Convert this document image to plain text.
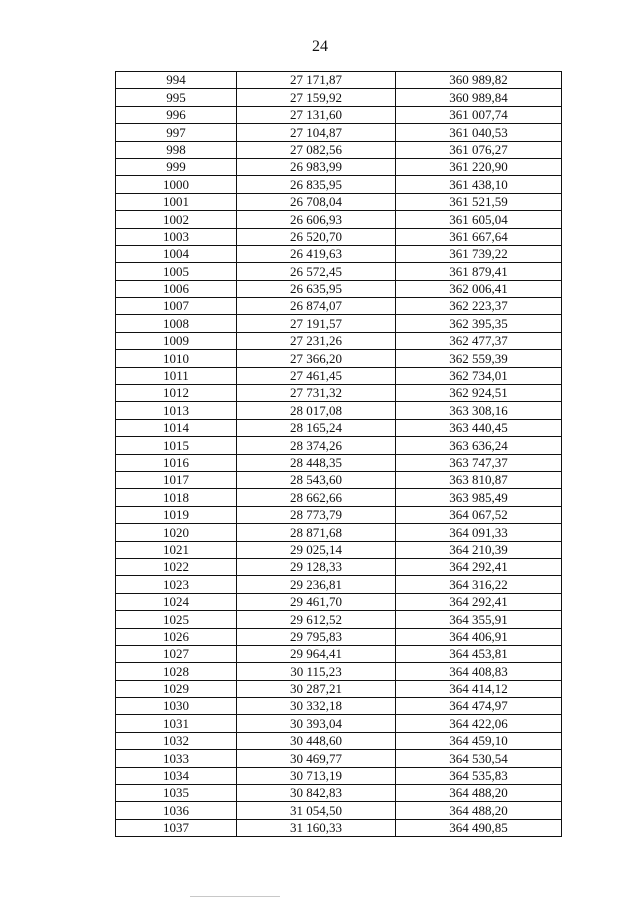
24
994	27 171,87	360 989,82
995	27 159,92	360 989,84
996	27 131,60	361 007,74
997	27 104,87	361 040,53
998	27 082,56	361 076,27
999	26 983,99	361 220,90
1000	26 835,95	361 438,10
1001	26 708,04	361 521,59
1002	26 606,93	361 605,04
1003	26 520,70	361 667,64
1004	26 419,63	361 739,22
1005	26 572,45	361 879,41
1006	26 635,95	362 006,41
1007	26 874,07	362 223,37
1008	27 191,57	362 395,35
1009	27 231,26	362 477,37
1010	27 366,20	362 559,39
1011	27 461,45	362 734,01
1012	27 731,32	362 924,51
1013	28 017,08	363 308,16
1014	28 165,24	363 440,45
1015	28 374,26	363 636,24
1016	28 448,35	363 747,37
1017	28 543,60	363 810,87
1018	28 662,66	363 985,49
1019	28 773,79	364 067,52
1020	28 871,68	364 091,33
1021	29 025,14	364 210,39
1022	29 128,33	364 292,41
1023	29 236,81	364 316,22
1024	29 461,70	364 292,41
1025	29 612,52	364 355,91
1026	29 795,83	364 406,91
1027	29 964,41	364 453,81
1028	30 115,23	364 408,83
1029	30 287,21	364 414,12
1030	30 332,18	364 474,97
1031	30 393,04	364 422,06
1032	30 448,60	364 459,10
1033	30 469,77	364 530,54
1034	30 713,19	364 535,83
1035	30 842,83	364 488,20
1036	31 054,50	364 488,20
1037	31 160,33	364 490,85
